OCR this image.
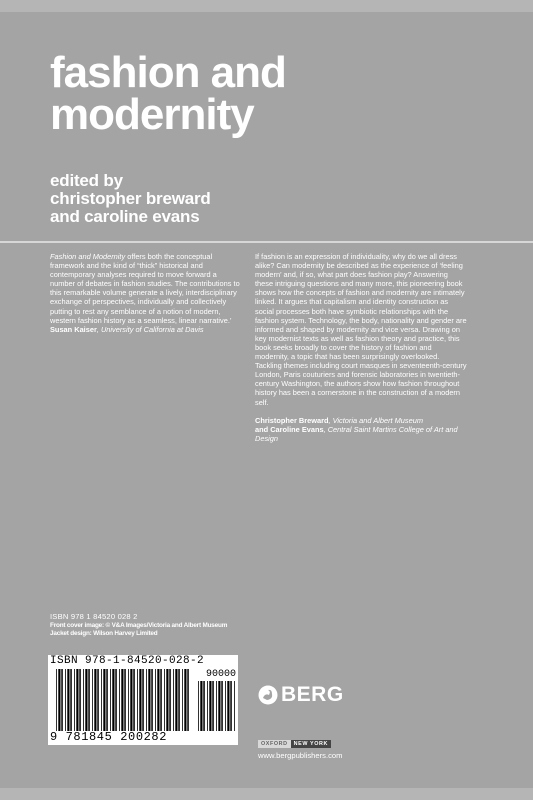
fashion and
modernity
edited by
christopher breward
and caroline evans

Fashion and Modernity offers both the conceptual framework and the kind of “thick” historical and contemporary analyses required to move forward a number of debates in fashion studies. The contributions to this remarkable volume generate a lively, interdisciplinary exchange of perspectives, individually and collectively putting to rest any semblance of a notion of modern, western fashion history as a seamless, linear narrative.’
Susan Kaiser, University of California at Davis

If fashion is an expression of individuality, why do we all dress alike? Can modernity be described as the experience of ‘feeling modern’ and, if so, what part does fashion play? Answering these intriguing questions and many more, this pioneering book shows how the concepts of fashion and modernity are intimately linked. It argues that capitalism and identity construction as social processes both have symbiotic relationships with the fashion system. Technology, the body, nationality and gender are informed and shaped by modernity and vice versa. Drawing on key modernist texts as well as fashion theory and practice, this book seeks broadly to cover the history of fashion and modernity, a topic that has been surprisingly overlooked. Tackling themes including court masques in seventeenth-century London, Paris couturiers and forensic laboratories in twentieth-century Washington, the authors show how fashion throughout history has been a cornerstone in the construction of a modern self.

Christopher Breward, Victoria and Albert Museum
and Caroline Evans, Central Saint Martins College of Art and Design

ISBN 978 1 84520 028 2
Front cover image: © V&A Images/Victoria and Albert Museum
Jacket design: Wilson Harvey Limited
ISBN 978-1-84520-028-2
90000
9 781845 200282
BERG
OXFORD	NEW YORK
www.bergpublishers.com
